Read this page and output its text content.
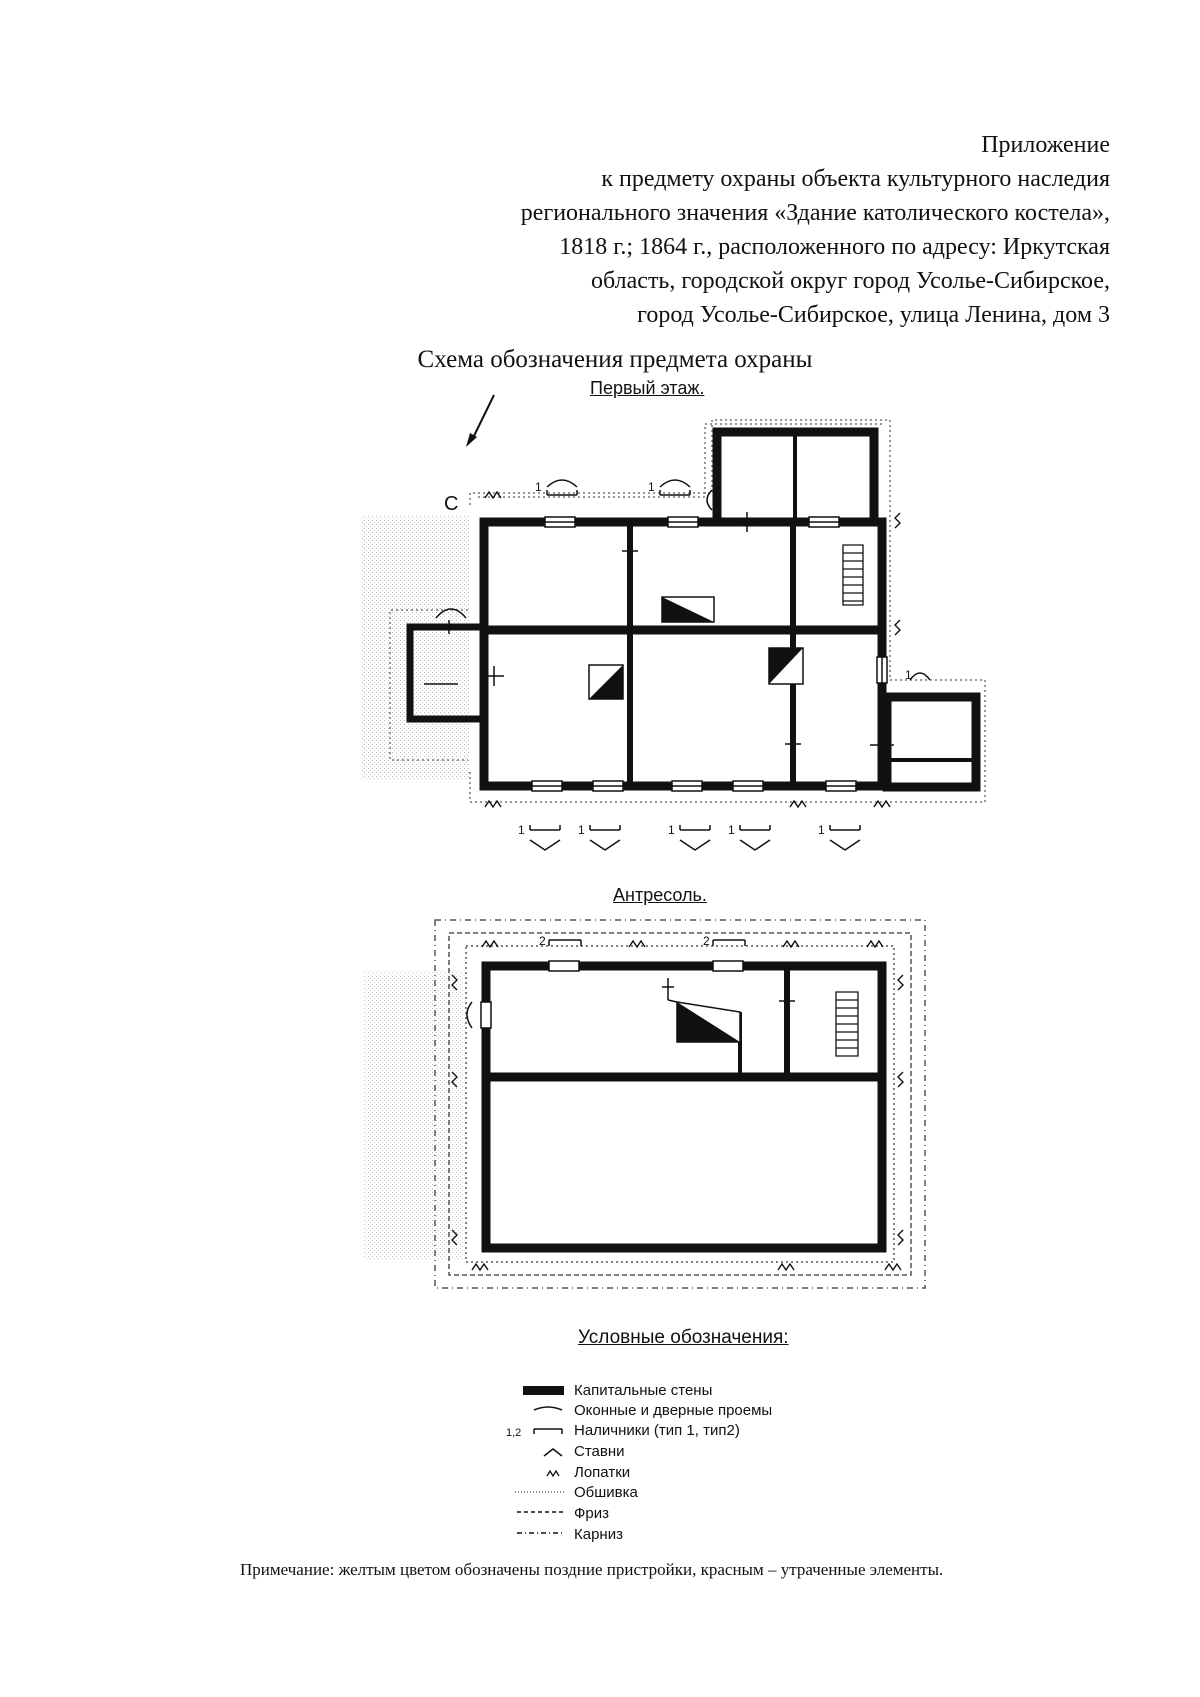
Приложение
к предмету охраны объекта культурного наследия
регионального значения «Здание католического костела»,
1818 г.; 1864 г., расположенного по адресу: Иркутская
область, городской округ город Усолье-Сибирское,
город Усолье-Сибирское, улица Ленина, дом 3
Схема обозначения предмета охраны
Первый этаж.
Антресоль.
Условные обозначения:
С
1	1
1
1	1	1	1	1
2	2
Капитальные стены
Оконные и дверные проемы
1,2	Наличники (тип 1, тип2)
Ставни
Лопатки
Обшивка
Фриз
Карниз
Примечание: желтым цветом обозначены поздние пристройки, красным – утраченные элементы.
